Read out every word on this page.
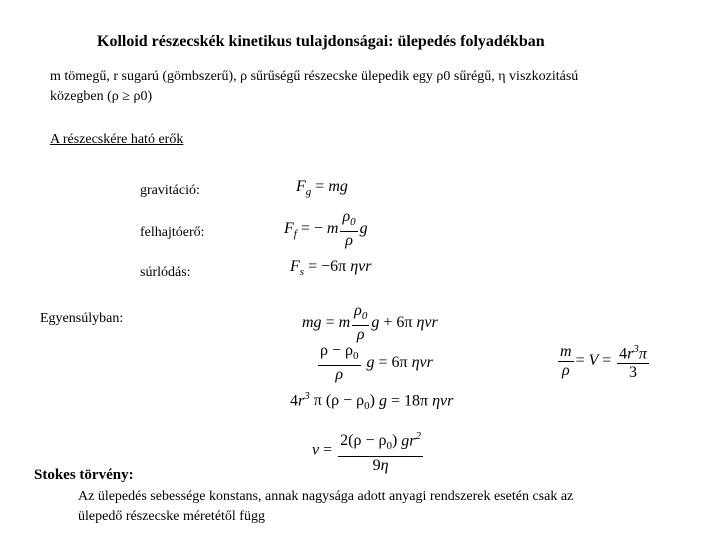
Kolloid részecskék kinetikus tulajdonságai: ülepedés folyadékban
m tömegű, r sugarú (gömbszerű), ρ sűrűségű részecske ülepedik egy ρ0 sűrégű, η viszkozitású
közegben (ρ ≥ ρ0)
A részecskére ható erők
gravitáció:	$F_g$ = mg
felhajtóerő:	$F_f$ = − m $\frac{\rho_0}{\rho}$ g
súrlódás:	$F_s = -6\pi$ ηvr
Egyensúlyban:	mg = m $\frac{\rho_0}{\rho}$ g + 6π ηvr
$\frac{\rho - \rho_0}{\rho}$ g = 6π ηvr	$\frac{m}{\rho} = V = \frac{4r^3\pi}{3}$
$4r^3$ π $(\rho - \rho_0)$ g = 18π ηvr
$v = \frac{2(\rho - \rho_0) gr^2}{9\eta}$
Stokes törvény:
Az ülepedés sebessége konstans, annak nagysága adott anyagi rendszerek esetén csak az
ülepedő részecske méretétől függ
